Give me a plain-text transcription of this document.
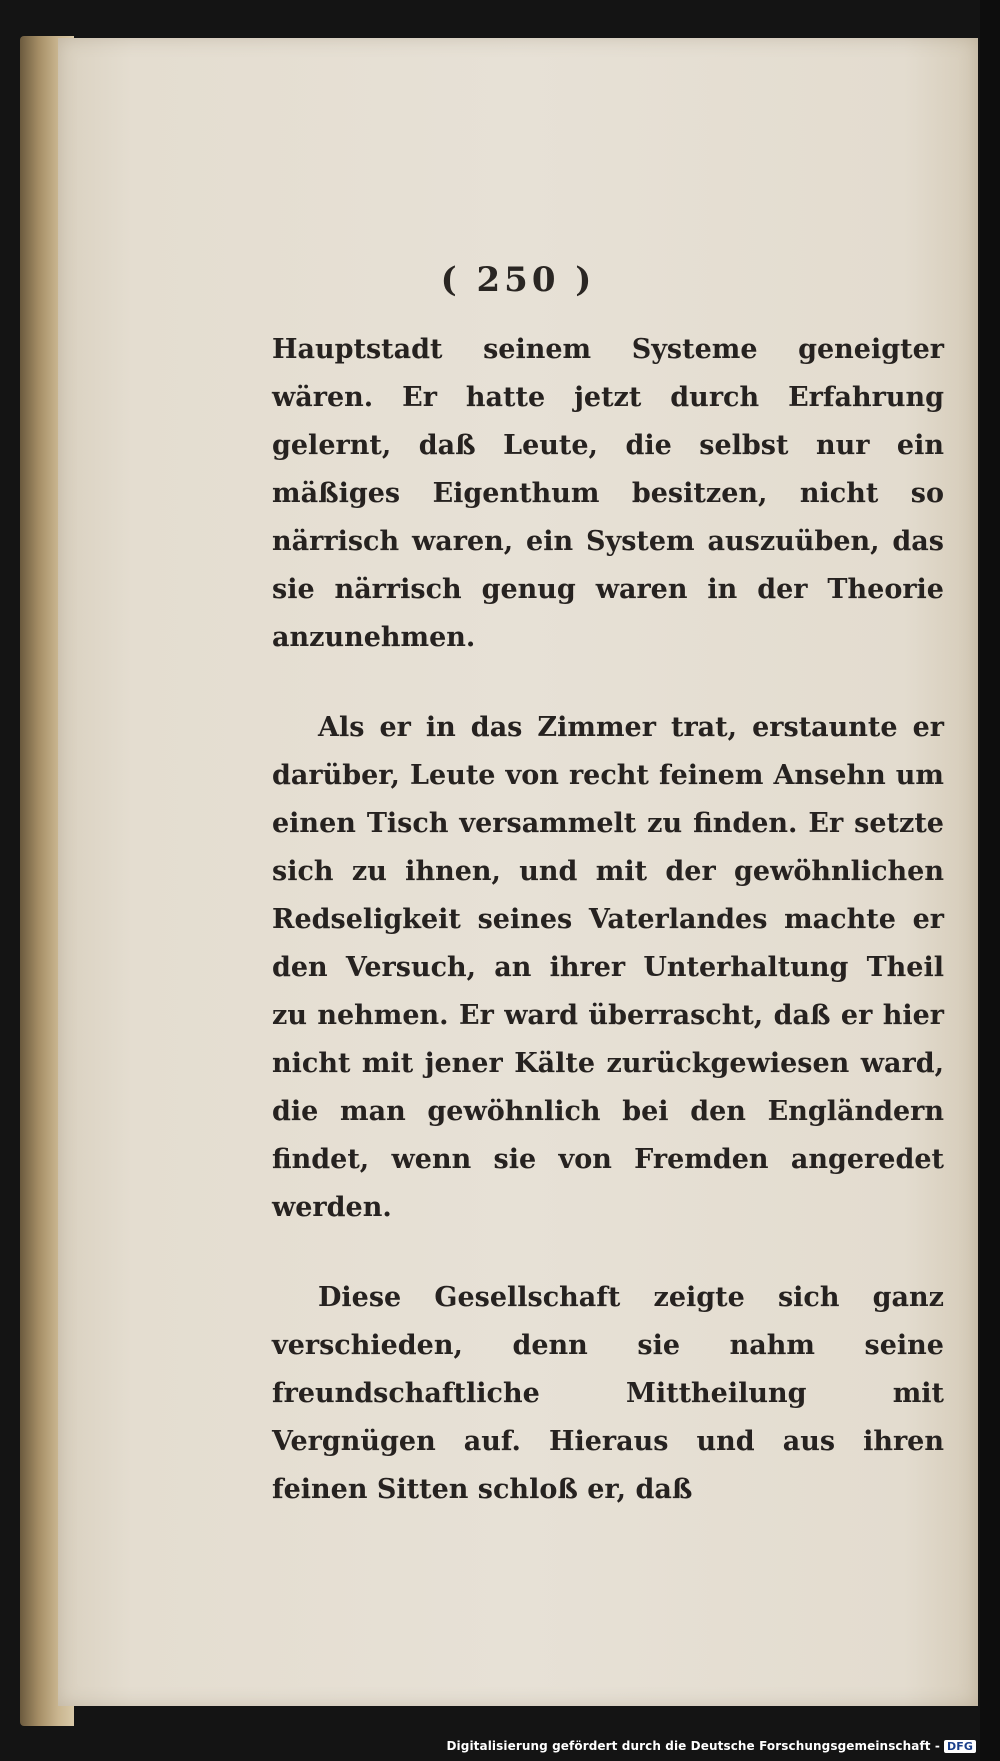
( 250 )

Hauptstadt seinem Systeme geneigter wären. Er hatte jetzt durch Erfahrung gelernt, daß Leute, die selbst nur ein mäßiges Eigenthum besitzen, nicht so närrisch waren, ein System auszuüben, das sie närrisch genug waren in der Theorie anzunehmen.

Als er in das Zimmer trat, erstaunte er darüber, Leute von recht feinem Ansehn um einen Tisch versammelt zu finden. Er setzte sich zu ihnen, und mit der gewöhnlichen Redseligkeit seines Vaterlandes machte er den Versuch, an ihrer Unterhaltung Theil zu nehmen. Er ward überrascht, daß er hier nicht mit jener Kälte zurückgewiesen ward, die man gewöhnlich bei den Engländern findet, wenn sie von Fremden angeredet werden.

Diese Gesellschaft zeigte sich ganz verschieden, denn sie nahm seine freundschaftliche Mittheilung mit Vergnügen auf. Hieraus und aus ihren feinen Sitten schloß er, daß

Digitalisierung gefördert durch die Deutsche Forschungsgemeinschaft - DFG
